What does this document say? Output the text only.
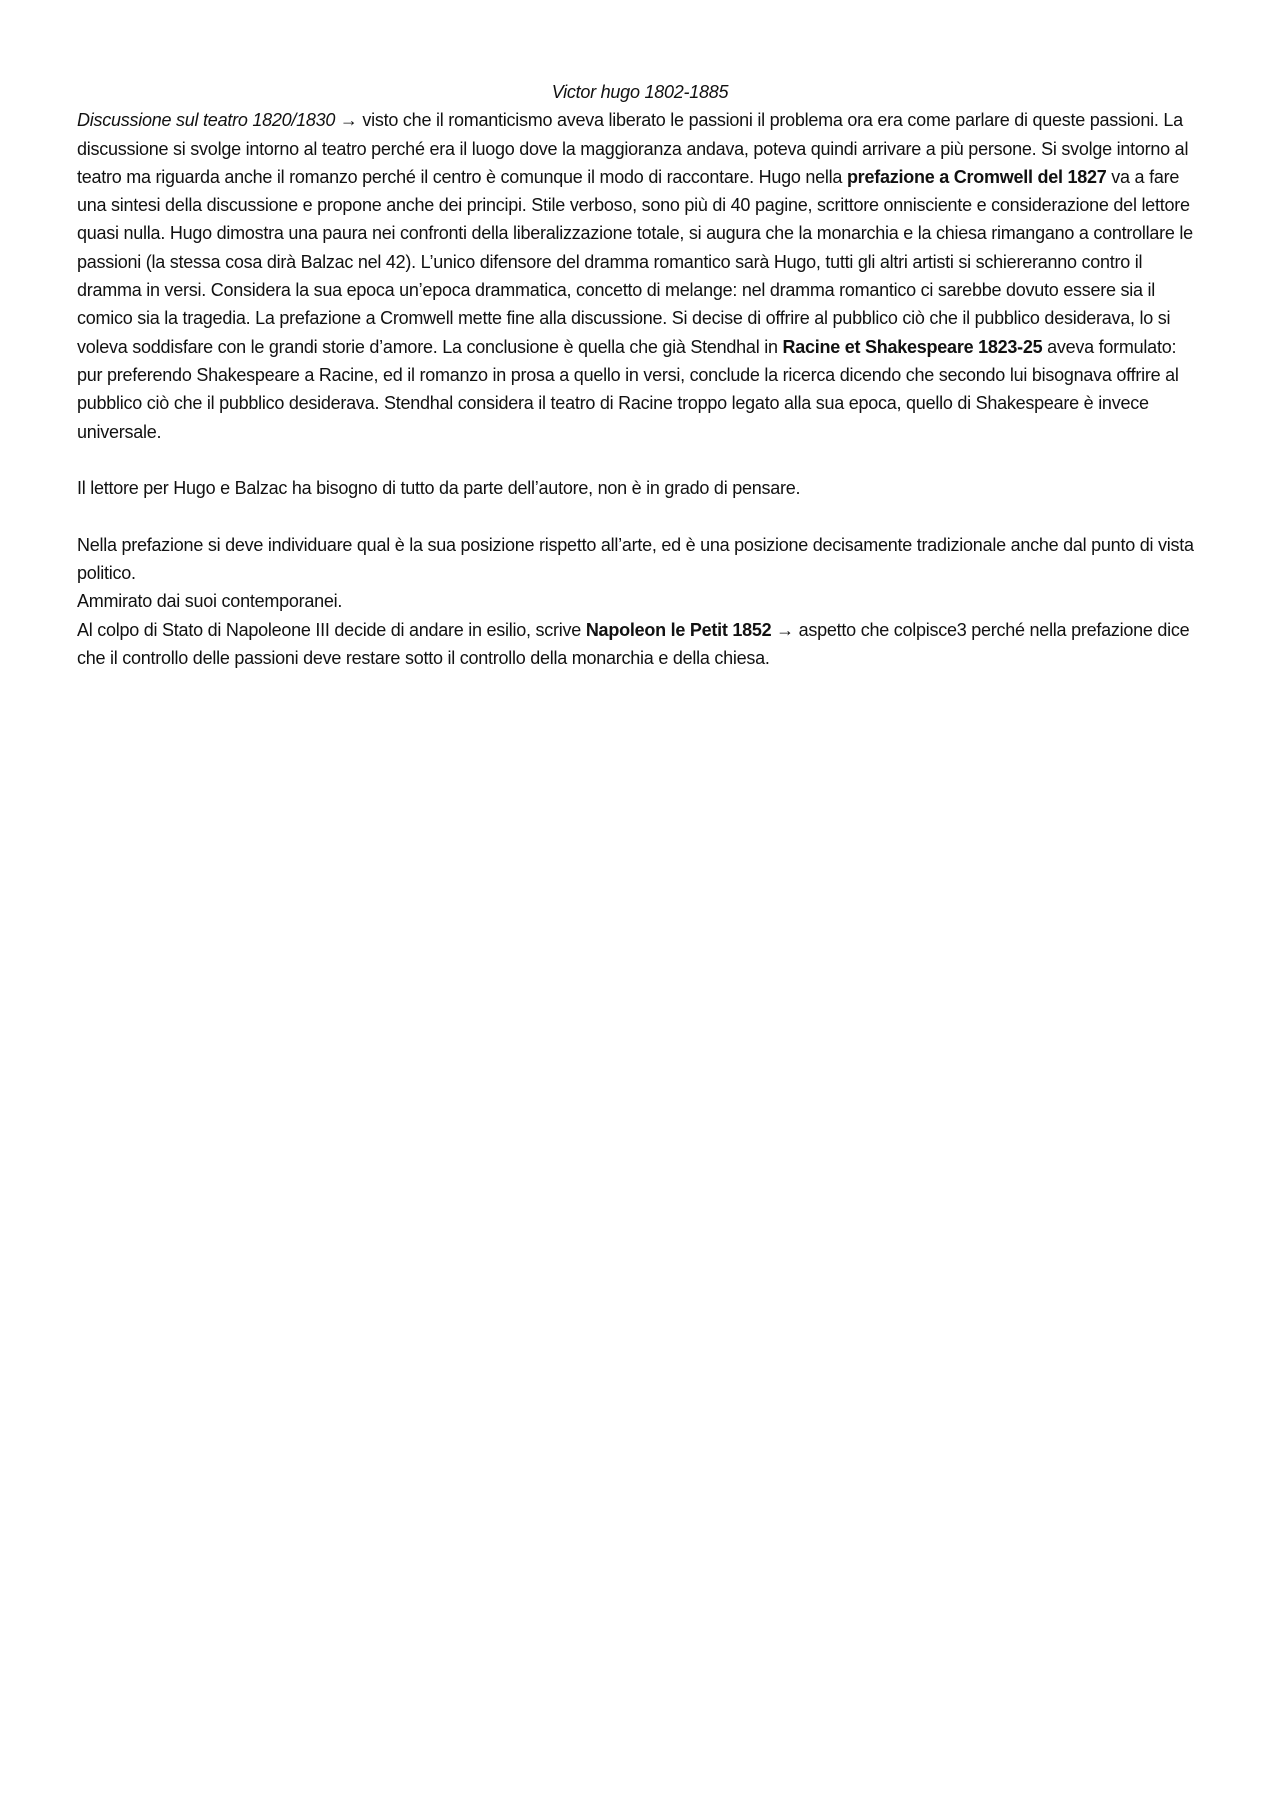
Victor hugo 1802-1885

Discussione sul teatro 1820/1830 → visto che il romanticismo aveva liberato le passioni il problema ora era come parlare di queste passioni. La discussione si svolge intorno al teatro perché era il luogo dove la maggioranza andava, poteva quindi arrivare a più persone. Si svolge intorno al teatro ma riguarda anche il romanzo perché il centro è comunque il modo di raccontare. Hugo nella prefazione a Cromwell del 1827 va a fare una sintesi della discussione e propone anche dei principi. Stile verboso, sono più di 40 pagine, scrittore onnisciente e considerazione del lettore quasi nulla. Hugo dimostra una paura nei confronti della liberalizzazione totale, si augura che la monarchia e la chiesa rimangano a controllare le passioni (la stessa cosa dirà Balzac nel 42). L’unico difensore del dramma romantico sarà Hugo, tutti gli altri artisti si schiereranno contro il dramma in versi. Considera la sua epoca un’epoca drammatica, concetto di melange: nel dramma romantico ci sarebbe dovuto essere sia il comico sia la tragedia. La prefazione a Cromwell mette fine alla discussione. Si decise di offrire al pubblico ciò che il pubblico desiderava, lo si voleva soddisfare con le grandi storie d’amore. La conclusione è quella che già Stendhal in Racine et Shakespeare 1823-25 aveva formulato: pur preferendo Shakespeare a Racine, ed il romanzo in prosa a quello in versi, conclude la ricerca dicendo che secondo lui bisognava offrire al pubblico ciò che il pubblico desiderava. Stendhal considera il teatro di Racine troppo legato alla sua epoca, quello di Shakespeare è invece universale.

Il lettore per Hugo e Balzac ha bisogno di tutto da parte dell’autore, non è in grado di pensare.

Nella prefazione si deve individuare qual è la sua posizione rispetto all’arte, ed è una posizione decisamente tradizionale anche dal punto di vista politico.

Ammirato dai suoi contemporanei.

Al colpo di Stato di Napoleone III decide di andare in esilio, scrive Napoleon le Petit 1852 → aspetto che colpisce3 perché nella prefazione dice che il controllo delle passioni deve restare sotto il controllo della monarchia e della chiesa.
